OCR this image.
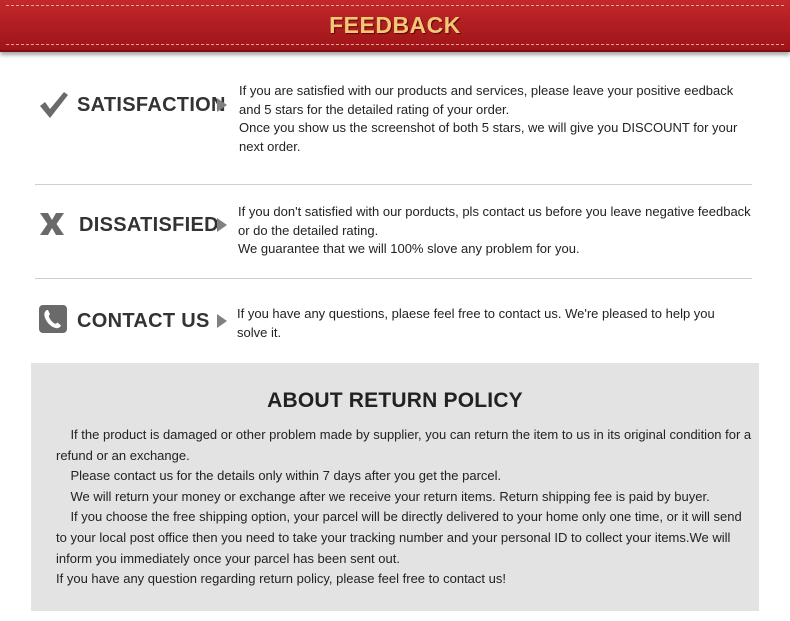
FEEDBACK
SATISFACTION

If you are satisfied with our products and services, please leave your positive eedback and 5 stars for the detailed rating of your order.

Once you show us the screenshot of both 5 stars, we will give you DISCOUNT for your next order.

DISSATISFIED

If you don't satisfied with our porducts, pls contact us before you leave negative feedback or do the detailed rating.

We guarantee that we will 100% slove any problem for you.

CONTACT US If you have any questions, plaese feel free to contact us. We're pleased to help you solve it.

ABOUT RETURN POLICY

If the product is damaged or other problem made by supplier, you can return the item to us in its original condition for a refund or an exchange.

Please contact us for the details only within 7 days after you get the parcel.

We will return your money or exchange after we receive your return items. Return shipping fee is paid by buyer.

If you choose the free shipping option, your parcel will be directly delivered to your home only one time, or it will send to your local post office then you need to take your tracking number and your personal ID to collect your items.We will inform you immediately once your parcel has been sent out.

If you have any question regarding return policy, please feel free to contact us!
